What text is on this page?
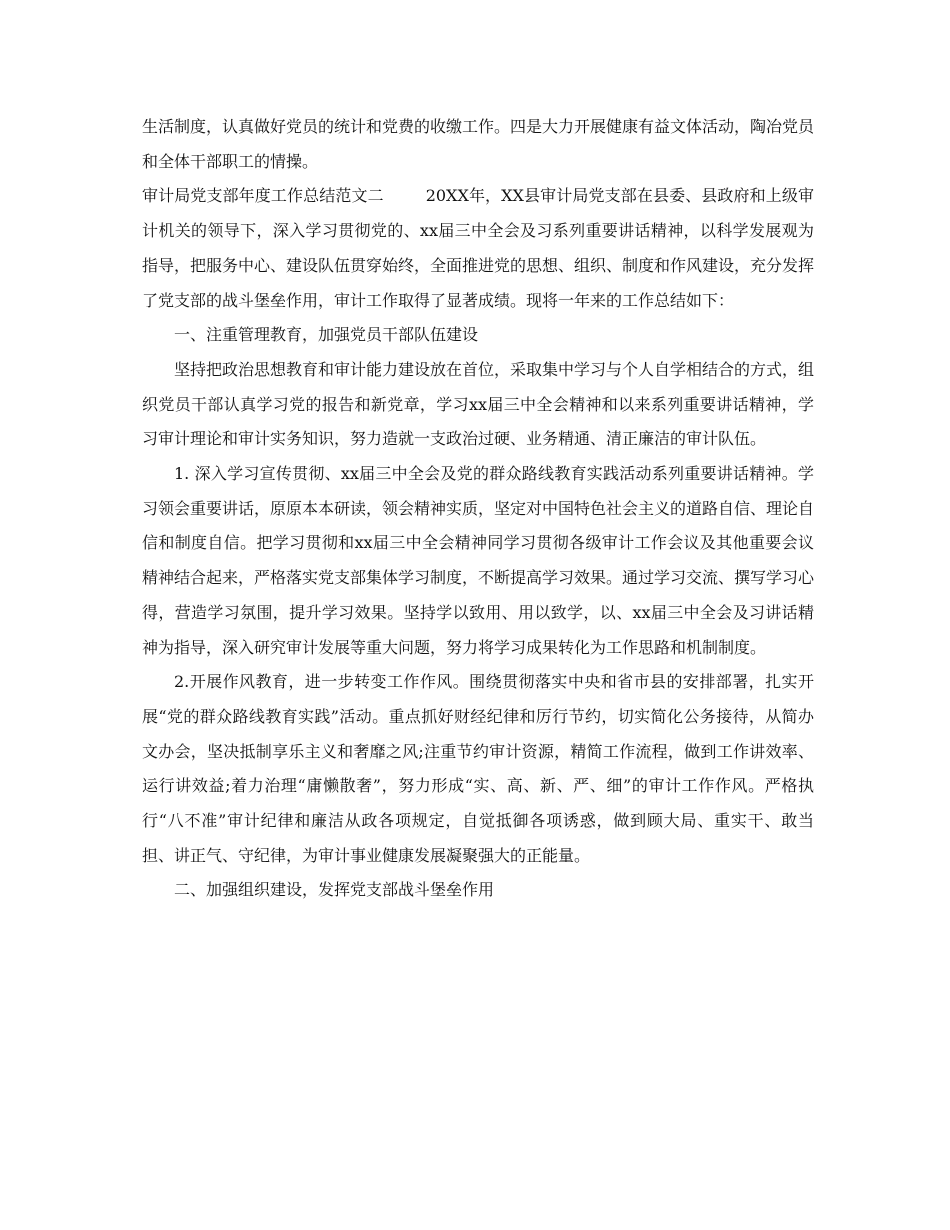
生活制度，认真做好党员的统计和党费的收缴工作。四是大力开展健康有益文体活动，陶冶党员和全体干部职工的情操。

审计局党支部年度工作总结范文二	20XX年，XX县审计局党支部在县委、县政府和上级审计机关的领导下，深入学习贯彻党的、xx届三中全会及习系列重要讲话精神，以科学发展观为指导，把服务中心、建设队伍贯穿始终，全面推进党的思想、组织、制度和作风建设，充分发挥了党支部的战斗堡垒作用，审计工作取得了显著成绩。现将一年来的工作总结如下：

一、注重管理教育，加强党员干部队伍建设

坚持把政治思想教育和审计能力建设放在首位，采取集中学习与个人自学相结合的方式，组织党员干部认真学习党的报告和新党章，学习xx届三中全会精神和以来系列重要讲话精神，学习审计理论和审计实务知识，努力造就一支政治过硬、业务精通、清正廉洁的审计队伍。

1. 深入学习宣传贯彻、xx届三中全会及党的群众路线教育实践活动系列重要讲话精神。学习领会重要讲话，原原本本研读，领会精神实质，坚定对中国特色社会主义的道路自信、理论自信和制度自信。把学习贯彻和xx届三中全会精神同学习贯彻各级审计工作会议及其他重要会议精神结合起来，严格落实党支部集体学习制度，不断提高学习效果。通过学习交流、撰写学习心得，营造学习氛围，提升学习效果。坚持学以致用、用以致学，以、xx届三中全会及习讲话精神为指导，深入研究审计发展等重大问题，努力将学习成果转化为工作思路和机制制度。

2.开展作风教育，进一步转变工作作风。围绕贯彻落实中央和省市县的安排部署，扎实开展“党的群众路线教育实践”活动。重点抓好财经纪律和厉行节约，切实简化公务接待，从简办文办会，坚决抵制享乐主义和奢靡之风;注重节约审计资源，精简工作流程，做到工作讲效率、运行讲效益;着力治理“庸懒散奢”，努力形成“实、高、新、严、细”的审计工作作风。严格执行“八不准”审计纪律和廉洁从政各项规定，自觉抵御各项诱惑，做到顾大局、重实干、敢当担、讲正气、守纪律，为审计事业健康发展凝聚强大的正能量。

二、加强组织建设，发挥党支部战斗堡垒作用
